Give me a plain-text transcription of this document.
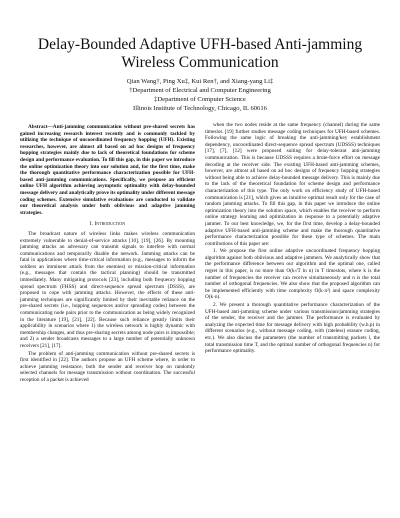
Delay-Bounded Adaptive UFH-based Anti-jamming
Wireless Communication
Qian Wang†, Ping Xu‡, Kui Ren†, and Xiang-yang Li‡
†Department of Electrical and Computer Engineering
‡Department of Computer Science
Illinois Institute of Technology, Chicago, IL 60616

Abstract—Anti-jamming communication without pre-shared secrets has gained increasing research interest recently and is commonly tackled by utilizing the technique of uncoordinated frequency hopping (UFH). Existing researches, however, are almost all based on ad hoc designs of frequency hopping strategies mainly due to lack of theoretical foundations for scheme design and performance evaluation. To fill this gap, in this paper we introduce the online optimization theory into our solution and, for the first time, make the thorough quantitative performance characterization possible for UFH-based anti-jamming communications. Specifically, we propose an efficient online UFH algorithm achieving asymptotic optimality with delay-bounded message delivery and analytically prove its optimality under different message coding schemes. Extensive simulative evaluations are conducted to validate our theoretical analysis under both oblivious and adaptive jamming strategies.

I. Introduction

The broadcast nature of wireless links makes wireless communication extremely vulnerable to denial-of-service attacks [10], [19], [26]. By mounting jamming attacks an adversary can transmit signals to interfere with normal communications and temporarily disable the network. Jamming attacks can be fatal in applications where time-critical information (e.g., messages to inform the soldiers an imminent attack from the enemies) or mission-critical information (e.g., messages that contain the tactical planning) should be transmitted immediately. Many mitigating protocols [23], including both frequency hopping spread spectrum (FHSS) and direct-sequence spread spectrum (DSSS), are proposed to cope with jamming attacks. However, the effects of these anti-jamming techniques are significantly limited by their inevitable reliance on the pre-shared secrets (i.e., hopping sequences and/or spreading codes) between the communicating node pairs prior to the communication as being widely recognized in the literature [19], [21], [22]. Because such reliance greatly limits their applicability in scenarios where 1) the wireless network is highly dynamic with membership changes, and thus pre-sharing secrets among node pairs is impossible; and 2) a sender broadcasts messages to a large number of potentially unknown receivers [21], [17].

The problem of anti-jamming communication without pre-shared secrets is first identified in [22]. The authors propose an UFH scheme where, in order to achieve jamming resistance, both the sender and receiver hop on randomly selected channels for message transmission without coordination. The successful reception of a packet is achieved

when the two nodes reside at the same frequency (channel) during the same timeslot. [19] further studies message coding techniques for UFH-based schemes. Following the same logic of breaking the anti-jamming/key establishment dependency, uncoordinated direct-sequence spread spectrum (UDSSS) techniques [17], [7], [12] were proposed suiting for delay-tolerant anti-jamming communication. This is because UDSSS requires a brute-force effort on message decoding at the receiver side. The existing UFH-based anti-jamming schemes, however, are almost all based on ad hoc designs of frequency hopping strategies without being able to achieve delay-bounded message delivery. This is mainly due to the lack of the theoretical foundation for scheme design and performance characterization of this type. The only work on efficiency study of UFH-based communication is [21], which gives an intuitive optimal result only for the case of random jamming attacks. To fill this gap, in this paper we introduce the online optimization theory into the solution space, which enables the receiver to perform online strategy learning and optimization in response to a potentially adaptive jammer. To our best knowledge, we, for the first time, develop a delay-bounded adaptive UFH-based anti-jamming scheme and make the thorough quantitative performance characterization possible for these type of schemes. The main contributions of this paper are:

1. We propose the first online adaptive uncoordinated frequency hopping algorithm against both oblivious and adaptive jammers. We analytically show that the performance difference between our algorithm and the optimal one, called regret in this paper, is no more than O(k√T ln n) in T timeslots, where k is the number of frequencies the receiver can receive simultaneously and n is the total number of orthogonal frequencies. We also show that the proposed algorithm can be implemented efficiently with time complexity O(k·n²) and space complexity O(k·n).

2. We present a thorough quantitative performance characterization of the UFH-based anti-jamming scheme under various transmission/jamming strategies of the sender, the receiver and the jammer. The performance is evaluated by analyzing the expected time for message delivery with high probability (w.h.p) in different scenarios (e.g., without message coding, with (rateless) erasure coding, etc.). We also discuss the parameters (the number of transmitting packets l, the total transmission time T, and the optimal number of orthogonal frequencies n) for performance optimality.
